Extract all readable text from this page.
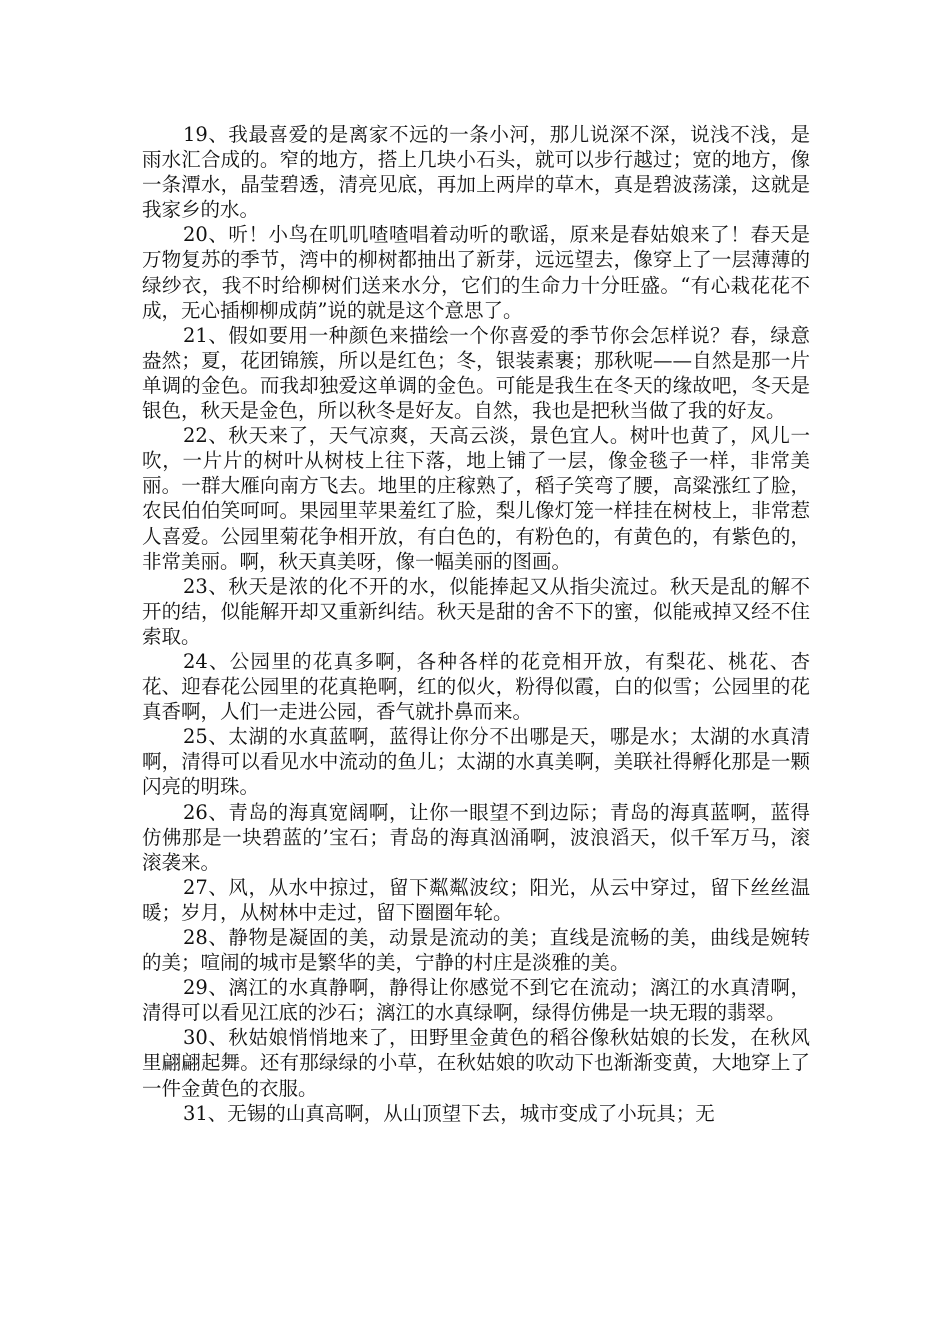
19、我最喜爱的是离家不远的一条小河，那儿说深不深，说浅不浅，是雨水汇合成的。窄的地方，搭上几块小石头，就可以步行越过；宽的地方，像一条潭水，晶莹碧透，清亮见底，再加上两岸的草木，真是碧波荡漾，这就是我家乡的水。

20、听！小鸟在叽叽喳喳唱着动听的歌谣，原来是春姑娘来了！春天是万物复苏的季节，湾中的柳树都抽出了新芽，远远望去，像穿上了一层薄薄的绿纱衣，我不时给柳树们送来水分，它们的生命力十分旺盛。“有心栽花花不成，无心插柳柳成荫”说的就是这个意思了。

21、假如要用一种颜色来描绘一个你喜爱的季节你会怎样说？春，绿意盎然；夏，花团锦簇，所以是红色；冬，银装素裹；那秋呢——自然是那一片单调的金色。而我却独爱这单调的金色。可能是我生在冬天的缘故吧，冬天是银色，秋天是金色，所以秋冬是好友。自然，我也是把秋当做了我的好友。

22、秋天来了，天气凉爽，天高云淡，景色宜人。树叶也黄了，风儿一吹，一片片的树叶从树枝上往下落，地上铺了一层，像金毯子一样，非常美丽。一群大雁向南方飞去。地里的庄稼熟了，稻子笑弯了腰，高粱涨红了脸，农民伯伯笑呵呵。果园里苹果羞红了脸，梨儿像灯笼一样挂在树枝上，非常惹人喜爱。公园里菊花争相开放，有白色的，有粉色的，有黄色的，有紫色的，非常美丽。啊，秋天真美呀，像一幅美丽的图画。

23、秋天是浓的化不开的水，似能捧起又从指尖流过。秋天是乱的解不开的结，似能解开却又重新纠结。秋天是甜的舍不下的蜜，似能戒掉又经不住索取。

24、公园里的花真多啊，各种各样的花竞相开放，有梨花、桃花、杏花、迎春花公园里的花真艳啊，红的似火，粉得似霞，白的似雪；公园里的花真香啊，人们一走进公园，香气就扑鼻而来。

25、太湖的水真蓝啊，蓝得让你分不出哪是天，哪是水；太湖的水真清啊，清得可以看见水中流动的鱼儿；太湖的水真美啊，美联社得孵化那是一颗闪亮的明珠。

26、青岛的海真宽阔啊，让你一眼望不到边际；青岛的海真蓝啊，蓝得仿佛那是一块碧蓝的’宝石；青岛的海真汹涌啊，波浪滔天，似千军万马，滚滚袭来。

27、风，从水中掠过，留下粼粼波纹；阳光，从云中穿过，留下丝丝温暖；岁月，从树林中走过，留下圈圈年轮。

28、静物是凝固的美，动景是流动的美；直线是流畅的美，曲线是婉转的美；喧闹的城市是繁华的美，宁静的村庄是淡雅的美。

29、漓江的水真静啊，静得让你感觉不到它在流动；漓江的水真清啊，清得可以看见江底的沙石；漓江的水真绿啊，绿得仿佛是一块无瑕的翡翠。

30、秋姑娘悄悄地来了，田野里金黄色的稻谷像秋姑娘的长发，在秋风里翩翩起舞。还有那绿绿的小草，在秋姑娘的吹动下也渐渐变黄，大地穿上了一件金黄色的衣服。

31、无锡的山真高啊，从山顶望下去，城市变成了小玩具；无
